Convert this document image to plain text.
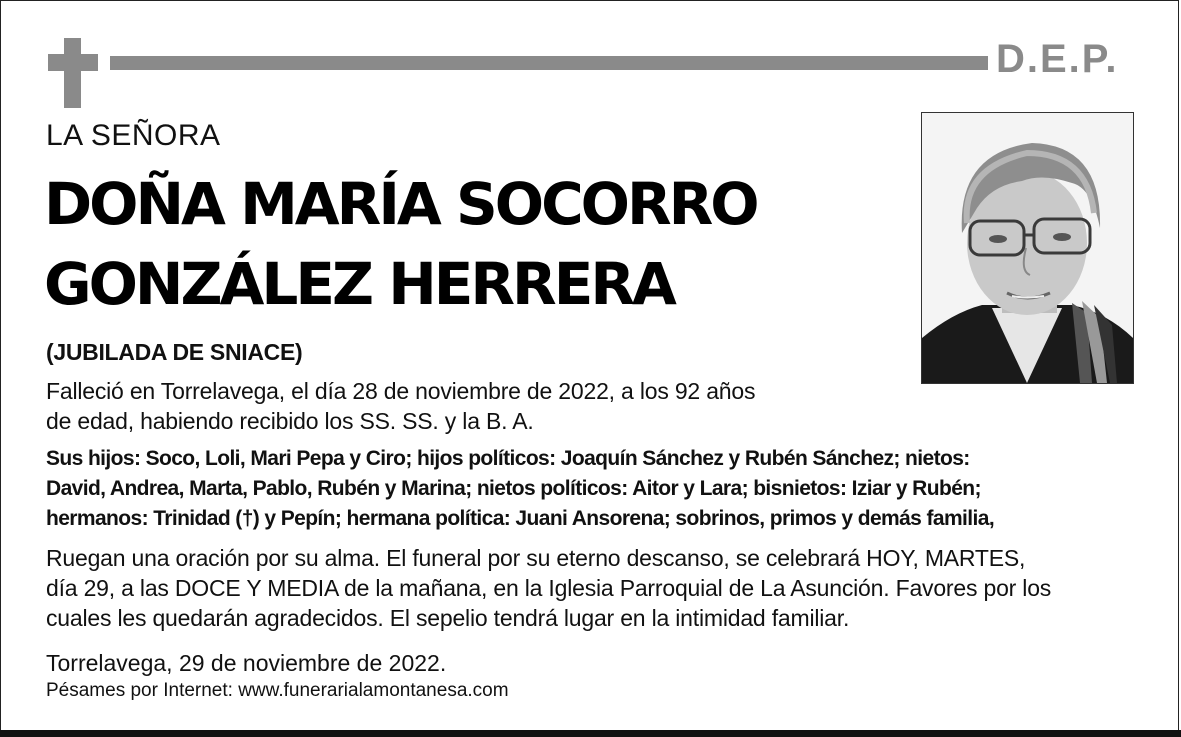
D.E.P.
LA SEÑORA
DOÑA MARÍA SOCORRO
GONZÁLEZ HERRERA
(JUBILADA DE SNIACE)
Falleció en Torrelavega, el día 28 de noviembre de 2022, a los 92 años
de edad, habiendo recibido los SS. SS. y la B. A.
Sus hijos: Soco, Loli, Mari Pepa y Ciro; hijos políticos: Joaquín Sánchez y Rubén Sánchez; nietos:
David, Andrea, Marta, Pablo, Rubén y Marina; nietos políticos: Aitor y Lara; bisnietos: Iziar y Rubén;
hermanos: Trinidad (†) y Pepín; hermana política: Juani Ansorena; sobrinos, primos y demás familia,
Ruegan una oración por su alma. El funeral por su eterno descanso, se celebrará HOY, MARTES,
día 29, a las DOCE Y MEDIA de la mañana, en la Iglesia Parroquial de La Asunción. Favores por los
cuales les quedarán agradecidos. El sepelio tendrá lugar en la intimidad familiar.
Torrelavega, 29 de noviembre de 2022.
Pésames por Internet: www.funerarialamontanesa.com
